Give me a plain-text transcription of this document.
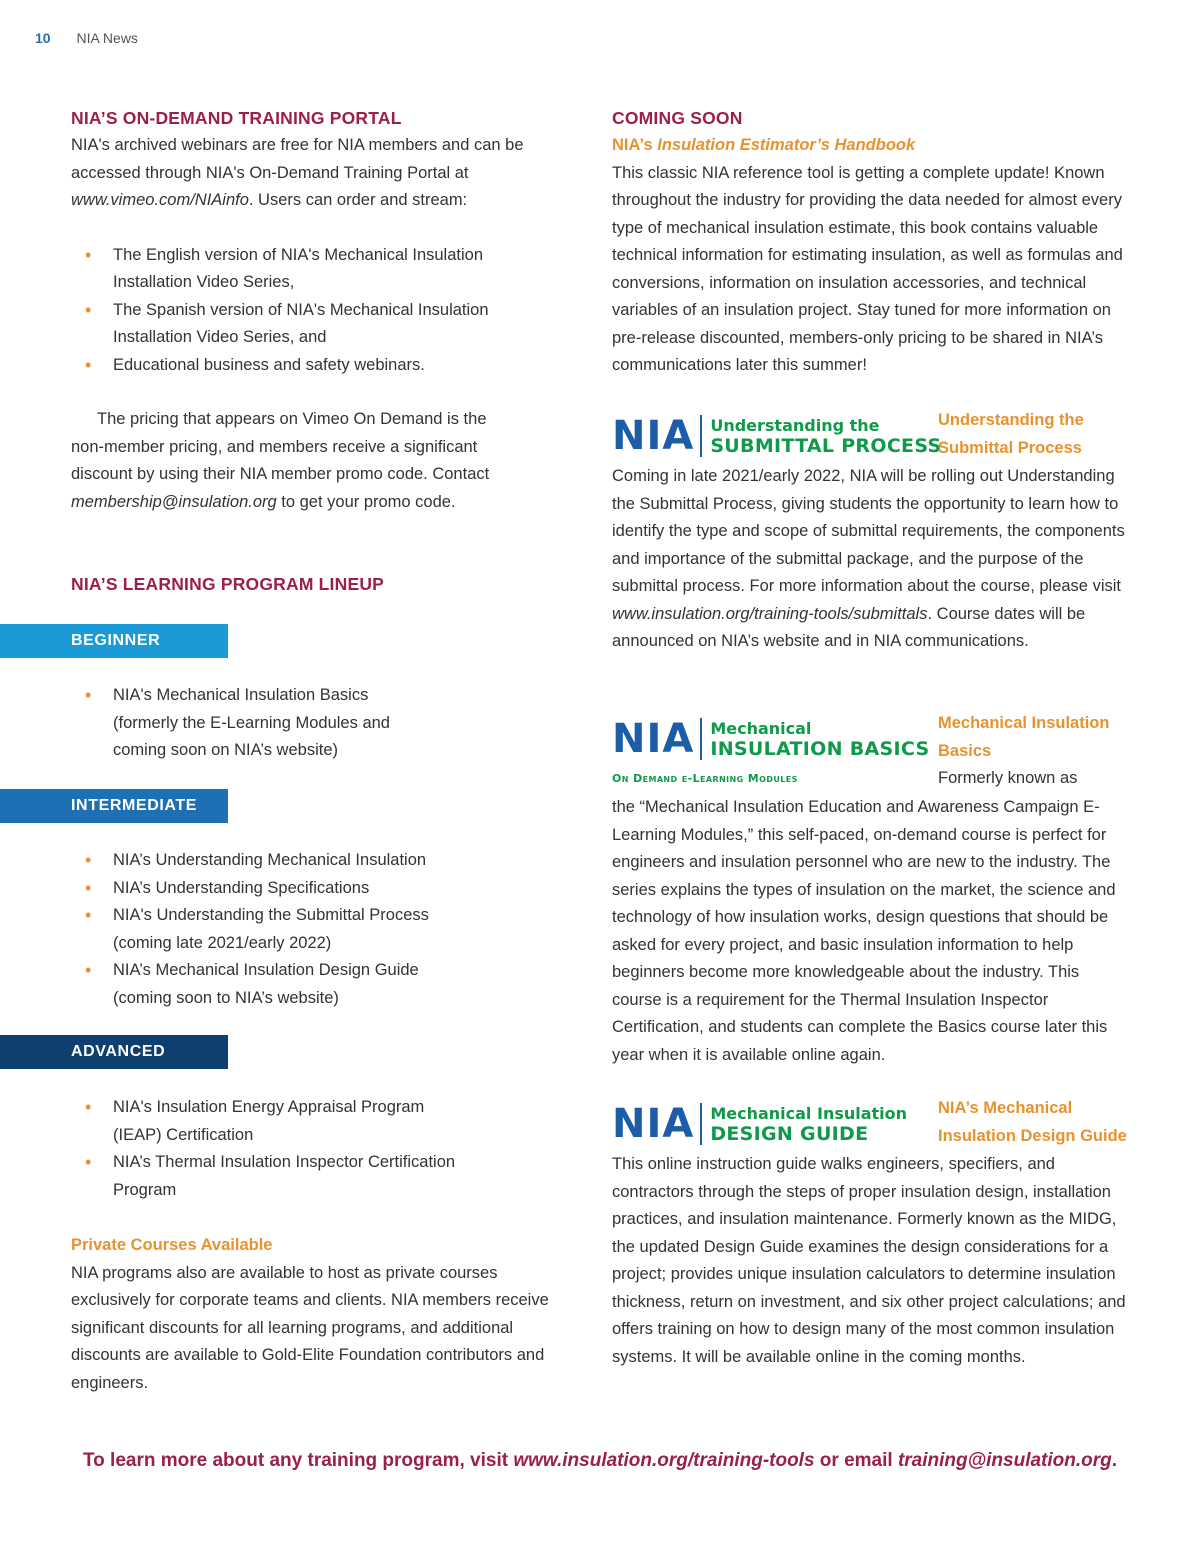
10 NIA News
NIA’S ON-DEMAND TRAINING PORTAL

NIA's archived webinars are free for NIA members and can be accessed through NIA's On-Demand Training Portal at www.vimeo.com/NIAinfo. Users can order and stream:

• The English version of NIA's Mechanical Insulation Installation Video Series,
• The Spanish version of NIA's Mechanical Insulation Installation Video Series, and
• Educational business and safety webinars.

The pricing that appears on Vimeo On Demand is the non-member pricing, and members receive a significant discount by using their NIA member promo code. Contact membership@insulation.org to get your promo code.

NIA’S LEARNING PROGRAM LINEUP
• NIA's Mechanical Insulation Basics (formerly the E-Learning Modules and coming soon on NIA’s website)
• NIA’s Understanding Mechanical Insulation
• NIA’s Understanding Specifications
• NIA's Understanding the Submittal Process (coming late 2021/early 2022)
• NIA’s Mechanical Insulation Design Guide (coming soon to NIA’s website)
• NIA's Insulation Energy Appraisal Program (IEAP) Certification
• NIA’s Thermal Insulation Inspector Certification Program
Private Courses Available

NIA programs also are available to host as private courses exclusively for corporate teams and clients. NIA members receive significant discounts for all learning programs, and additional discounts are available to Gold-Elite Foundation contributors and engineers.

BEGINNER
INTERMEDIATE
ADVANCED
COMING SOON
NIA’s Insulation Estimator’s Handbook

This classic NIA reference tool is getting a complete update! Known throughout the industry for providing the data needed for almost every type of mechanical insulation estimate, this book contains valuable technical information for estimating insulation, as well as formulas and conversions, information on insulation accessories, and technical variables of an insulation project. Stay tuned for more information on pre-release discounted, members-only pricing to be shared in NIA’s communications later this summer!

NIA Understanding the
SUBMITTAL PROCESS
Understanding the Submittal Process

Coming in late 2021/early 2022, NIA will be rolling out Understanding the Submittal Process, giving students the opportunity to learn how to identify the type and scope of submittal requirements, the components and importance of the submittal package, and the purpose of the submittal process. For more information about the course, please visit www.insulation.org/training-tools/submittals. Course dates will be announced on NIA’s website and in NIA communications.

NIA Mechanical
INSULATION BASICS
On Demand e-Learning Modules
Mechanical Insulation Basics
Formerly known as

the “Mechanical Insulation Education and Awareness Campaign E-Learning Modules,” this self-paced, on-demand course is perfect for engineers and insulation personnel who are new to the industry. The series explains the types of insulation on the market, the science and technology of how insulation works, design questions that should be asked for every project, and basic insulation information to help beginners become more knowledgeable about the industry. This course is a requirement for the Thermal Insulation Inspector Certification, and students can complete the Basics course later this year when it is available online again.

NIA Mechanical Insulation
DESIGN GUIDE
NIA’s Mechanical Insulation Design Guide

This online instruction guide walks engineers, specifiers, and contractors through the steps of proper insulation design, installation practices, and insulation maintenance. Formerly known as the MIDG, the updated Design Guide examines the design considerations for a project; provides unique insulation calculators to determine insulation thickness, return on investment, and six other project calculations; and offers training on how to design many of the most common insulation systems. It will be available online in the coming months.

To learn more about any training program, visit www.insulation.org/training-tools or email training@insulation.org.
